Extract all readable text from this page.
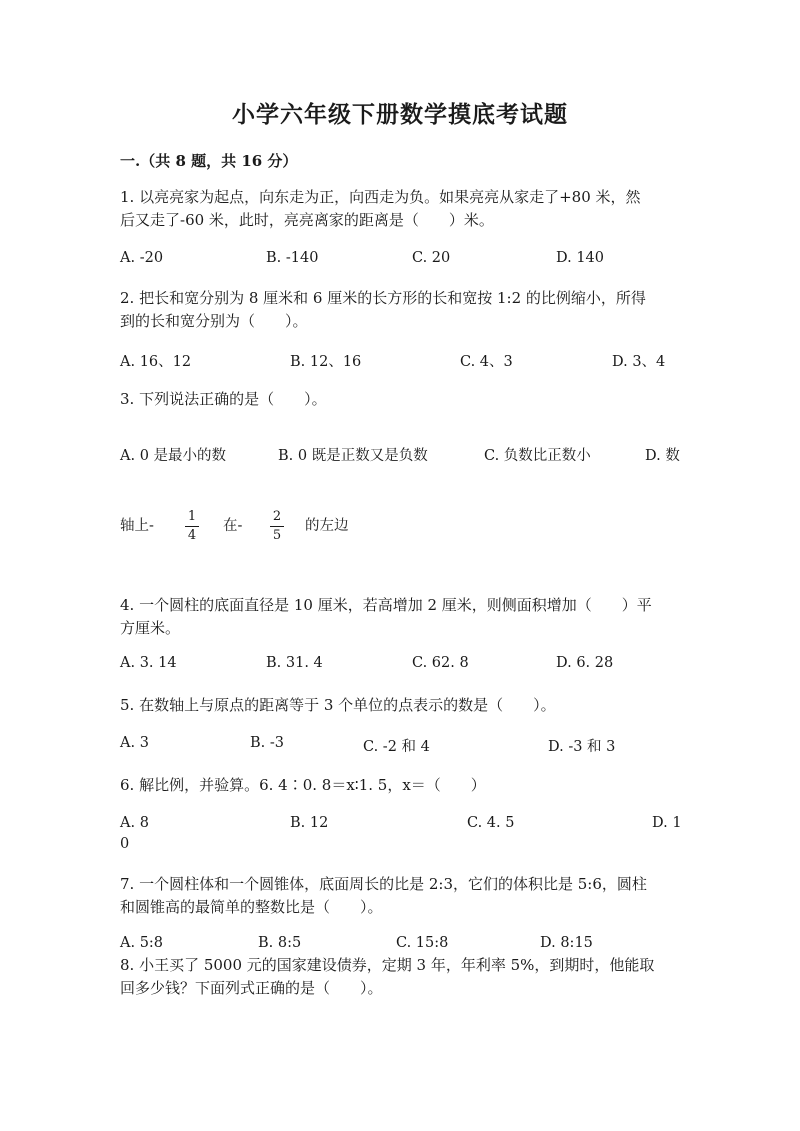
小学六年级下册数学摸底考试题
一.（共 8 题，共 16 分）
1. 以亮亮家为起点，向东走为正，向西走为负。如果亮亮从家走了+80 米，然
后又走了-60 米，此时，亮亮离家的距离是（　　）米。
A. -20	B. -140	C. 20	D. 140
2. 把长和宽分别为 8 厘米和 6 厘米的长方形的长和宽按 1:2 的比例缩小，所得
到的长和宽分别为（　　）。
A. 16、12	B. 12、16	C. 4、3	D. 3、4
3. 下列说法正确的是（　　）。
A. 0 是最小的数	B. 0 既是正数又是负数	C. 负数比正数小	D. 数
轴上-
1
4
在-
2
5
的左边
4. 一个圆柱的底面直径是 10 厘米，若高增加 2 厘米，则侧面积增加（　　）平
方厘米。
A. 3. 14	B. 31. 4	C. 62. 8	D. 6. 28
5. 在数轴上与原点的距离等于 3 个单位的点表示的数是（　　）。
A. 3	B. -3	C. -2 和 4	D. -3 和 3
6. 解比例，并验算。6. 4∶0. 8＝x∶1. 5，x＝（　　）
A. 8	B. 12	C. 4. 5	D. 1
0
7. 一个圆柱体和一个圆锥体，底面周长的比是 2:3，它们的体积比是 5:6，圆柱
和圆锥高的最简单的整数比是（　　）。
A. 5:8	B. 8:5	C. 15:8	D. 8:15
8. 小王买了 5000 元的国家建设债券，定期 3 年，年利率 5%，到期时，他能取
回多少钱？下面列式正确的是（　　）。
